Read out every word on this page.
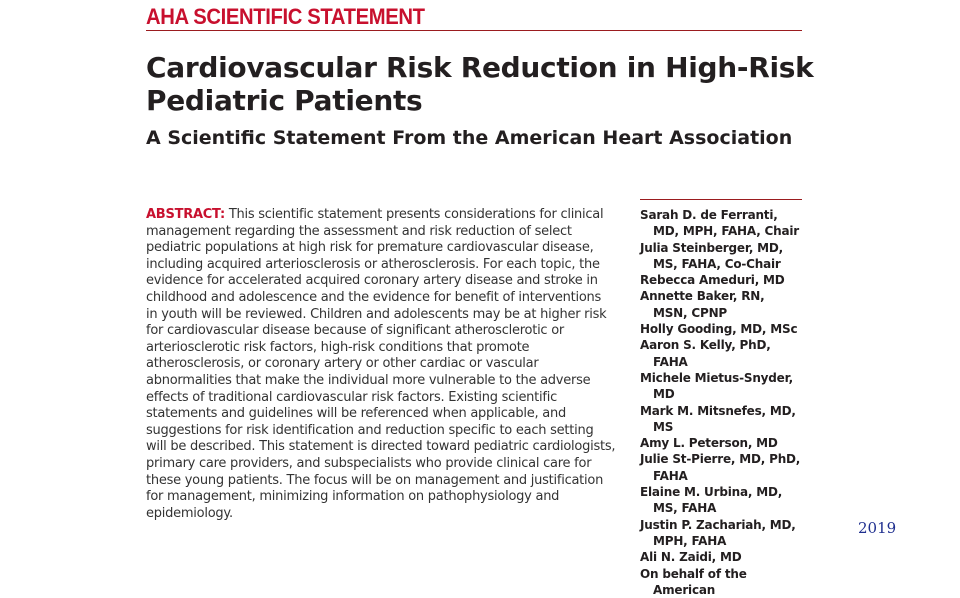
AHA SCIENTIFIC STATEMENT
Cardiovascular Risk Reduction in High-Risk Pediatric Patients
A Scientific Statement From the American Heart Association

ABSTRACT: This scientific statement presents considerations for clinical management regarding the assessment and risk reduction of select pediatric populations at high risk for premature cardiovascular disease, including acquired arteriosclerosis or atherosclerosis. For each topic, the evidence for accelerated acquired coronary artery disease and stroke in childhood and adolescence and the evidence for benefit of interventions in youth will be reviewed. Children and adolescents may be at higher risk for cardiovascular disease because of significant atherosclerotic or arteriosclerotic risk factors, high-risk conditions that promote atherosclerosis, or coronary artery or other cardiac or vascular abnormalities that make the individual more vulnerable to the adverse effects of traditional cardiovascular risk factors. Existing scientific statements and guidelines will be referenced when applicable, and suggestions for risk identification and reduction specific to each setting will be described. This statement is directed toward pediatric cardiologists, primary care providers, and subspecialists who provide clinical care for these young patients. The focus will be on management and justification for management, minimizing information on pathophysiology and epidemiology.

Sarah D. de Ferranti, MD, MPH, FAHA, Chair
Julia Steinberger, MD, MS, FAHA, Co-Chair
Rebecca Ameduri, MD
Annette Baker, RN, MSN, CPNP
Holly Gooding, MD, MSc
Aaron S. Kelly, PhD, FAHA
Michele Mietus-Snyder, MD
Mark M. Mitsnefes, MD, MS
Amy L. Peterson, MD
Julie St-Pierre, MD, PhD, FAHA
Elaine M. Urbina, MD, MS, FAHA
Justin P. Zachariah, MD, MPH, FAHA
Ali N. Zaidi, MD
On behalf of the American
2019
